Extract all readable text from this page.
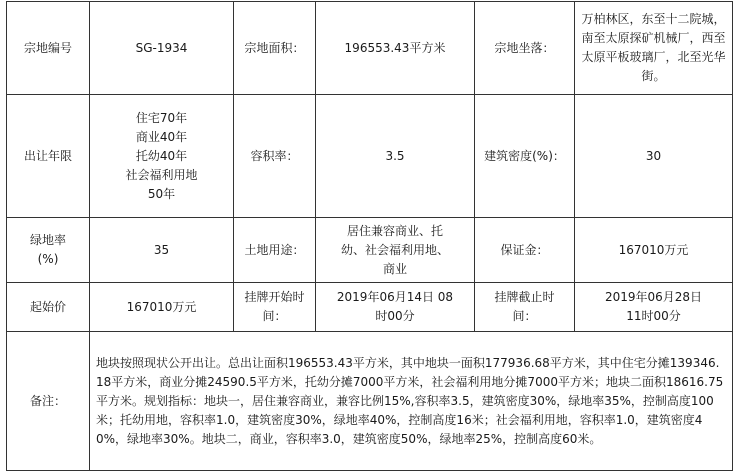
宗地编号	SG-1934	宗地面积：	196553.43平方米	宗地坐落：	万柏林区，东至十二院城，南至太原探矿机械厂，西至太原平板玻璃厂，北至光华街。
出让年限	住宅70年
商业40年
托幼40年
社会福利用地
50年	容积率：	3.5	建筑密度(%)：	30
绿地率
(%)	35	土地用途：	居住兼容商业、托
幼、社会福利用地、
商业	保证金：	167010万元
起始价	167010万元	挂牌开始时
间：	2019年06月14日 08
时00分	挂牌截止时
间：	2019年06月28日
11时00分
备注：	地块按照现状公开出让。总出让面积196553.43平方米，其中地块一面积177936.68平方米，其中住宅分摊139346.18平方米，商业分摊24590.5平方米，托幼分摊7000平方米，社会福利用地分摊7000平方米；地块二面积18616.75平方米。规划指标：地块一，居住兼容商业，兼容比例15%,容积率3.5，建筑密度30%，绿地率35%，控制高度100米；托幼用地，容积率1.0，建筑密度30%，绿地率40%，控制高度16米；社会福利用地，容积率1.0，建筑密度40%，绿地率30%。地块二，商业，容积率3.0，建筑密度50%，绿地率25%，控制高度60米。				
